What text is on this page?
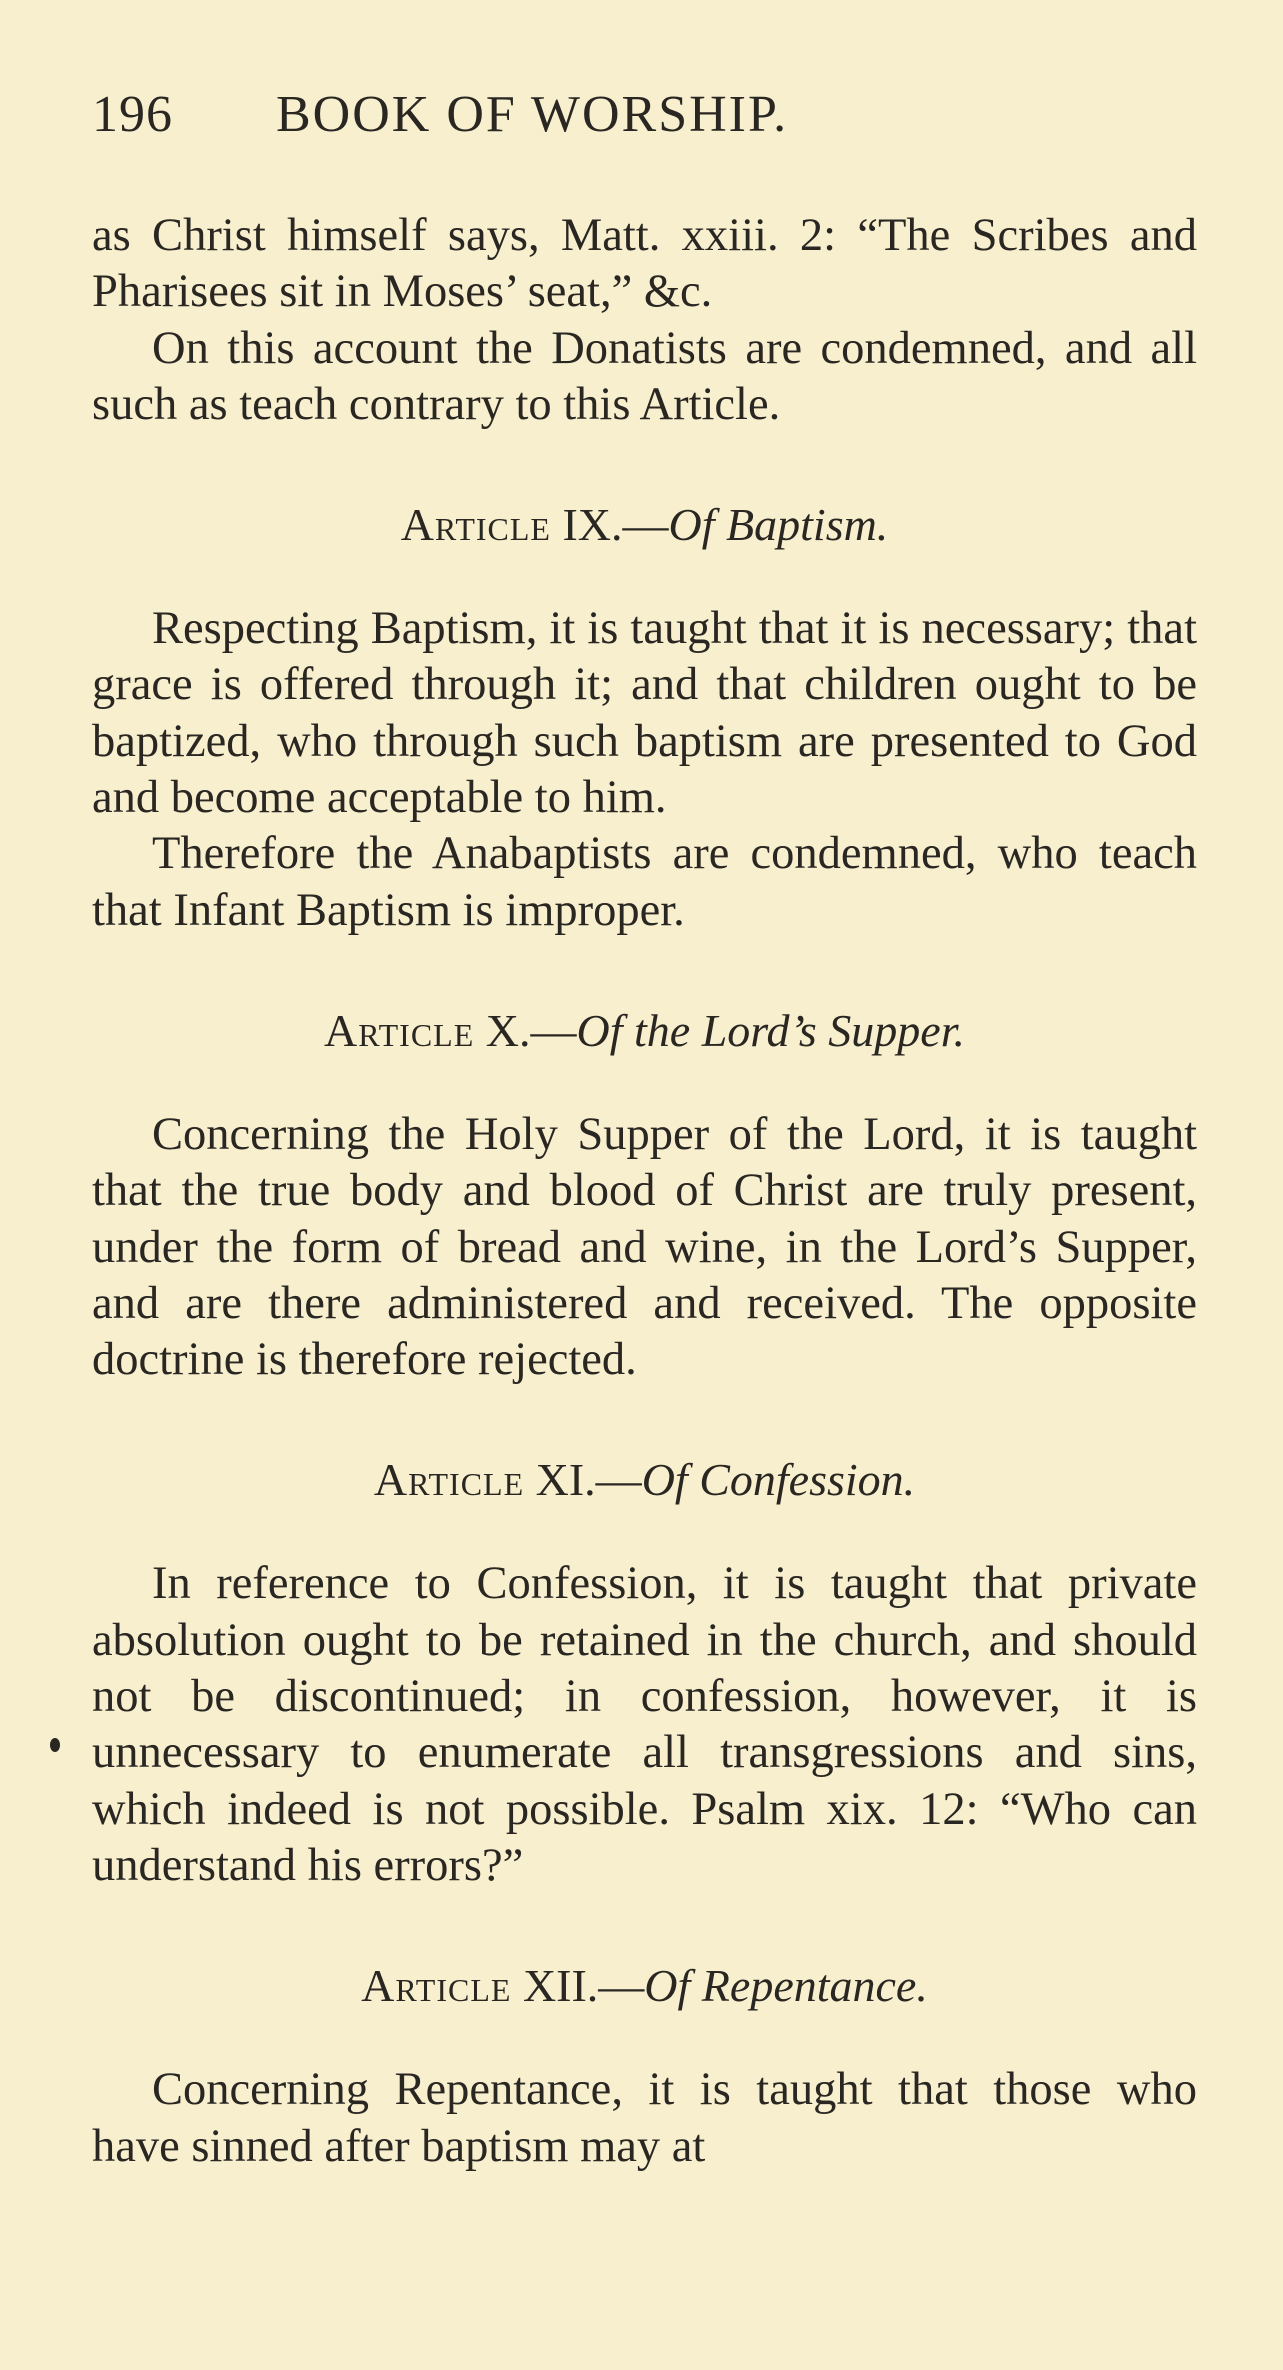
196	BOOK OF WORSHIP.

as Christ himself says, Matt. xxiii. 2: “The Scribes and Pharisees sit in Moses’ seat,” &c.

On this account the Donatists are condemned, and all such as teach contrary to this Article.

Article IX.—Of Baptism.

Respecting Baptism, it is taught that it is necessary; that grace is offered through it; and that children ought to be baptized, who through such baptism are presented to God and become acceptable to him.

Therefore the Anabaptists are condemned, who teach that Infant Baptism is improper.

Article X.—Of the Lord’s Supper.

Concerning the Holy Supper of the Lord, it is taught that the true body and blood of Christ are truly present, under the form of bread and wine, in the Lord’s Supper, and are there administered and received. The opposite doctrine is therefore rejected.

Article XI.—Of Confession.

In reference to Confession, it is taught that private absolution ought to be retained in the church, and should not be discontinued; in confession, however, it is unnecessary to enumerate all transgressions and sins, which indeed is not possible. Psalm xix. 12: “Who can understand his errors?”

Article XII.—Of Repentance.

Concerning Repentance, it is taught that those who have sinned after baptism may at
